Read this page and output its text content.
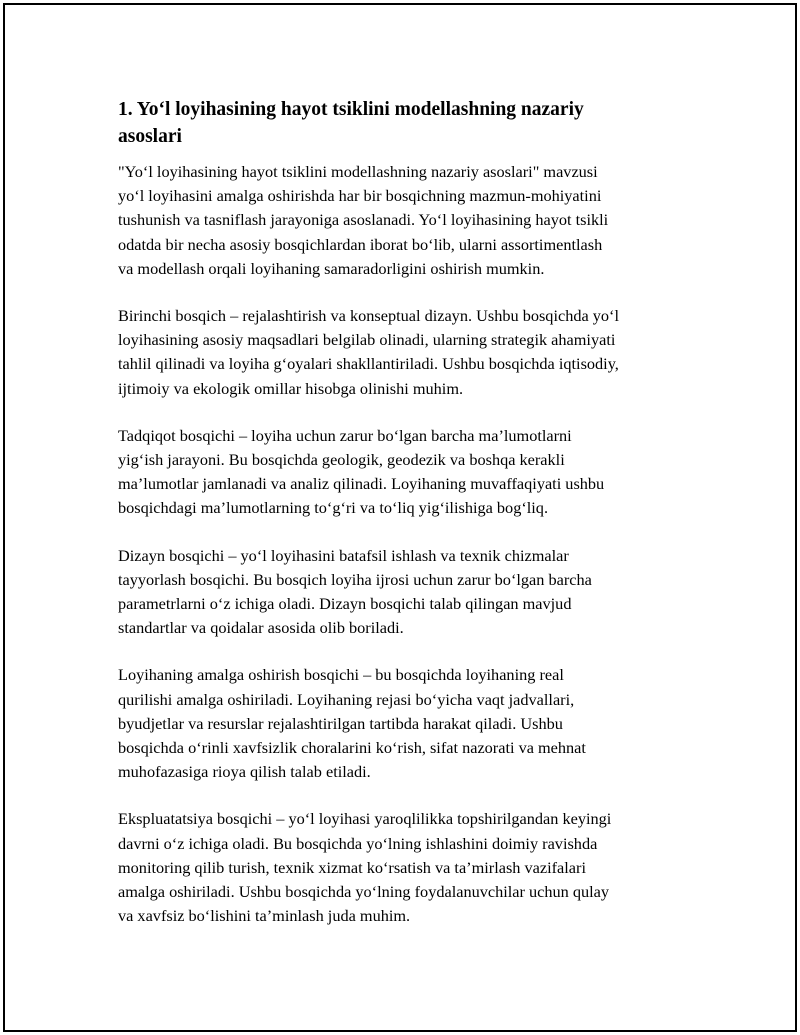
1. Yo‘l loyihasining hayot tsiklini modellashning nazariy
asoslari
"Yo‘l loyihasining hayot tsiklini modellashning nazariy asoslari" mavzusi
yo‘l loyihasini amalga oshirishda har bir bosqichning mazmun-mohiyatini
tushunish va tasniflash jarayoniga asoslanadi. Yo‘l loyihasining hayot tsikli
odatda bir necha asosiy bosqichlardan iborat bo‘lib, ularni assortimentlash
va modellash orqali loyihaning samaradorligini oshirish mumkin.
Birinchi bosqich – rejalashtirish va konseptual dizayn. Ushbu bosqichda yo‘l
loyihasining asosiy maqsadlari belgilab olinadi, ularning strategik ahamiyati
tahlil qilinadi va loyiha g‘oyalari shakllantiriladi. Ushbu bosqichda iqtisodiy,
ijtimoiy va ekologik omillar hisobga olinishi muhim.
Tadqiqot bosqichi – loyiha uchun zarur bo‘lgan barcha ma’lumotlarni
yig‘ish jarayoni. Bu bosqichda geologik, geodezik va boshqa kerakli
ma’lumotlar jamlanadi va analiz qilinadi. Loyihaning muvaffaqiyati ushbu
bosqichdagi ma’lumotlarning to‘g‘ri va to‘liq yig‘ilishiga bog‘liq.
Dizayn bosqichi – yo‘l loyihasini batafsil ishlash va texnik chizmalar
tayyorlash bosqichi. Bu bosqich loyiha ijrosi uchun zarur bo‘lgan barcha
parametrlarni o‘z ichiga oladi. Dizayn bosqichi talab qilingan mavjud
standartlar va qoidalar asosida olib boriladi.
Loyihaning amalga oshirish bosqichi – bu bosqichda loyihaning real
qurilishi amalga oshiriladi. Loyihaning rejasi bo‘yicha vaqt jadvallari,
byudjetlar va resurslar rejalashtirilgan tartibda harakat qiladi. Ushbu
bosqichda o‘rinli xavfsizlik choralarini ko‘rish, sifat nazorati va mehnat
muhofazasiga rioya qilish talab etiladi.
Ekspluatatsiya bosqichi – yo‘l loyihasi yaroqlilikka topshirilgandan keyingi
davrni o‘z ichiga oladi. Bu bosqichda yo‘lning ishlashini doimiy ravishda
monitoring qilib turish, texnik xizmat ko‘rsatish va ta’mirlash vazifalari
amalga oshiriladi. Ushbu bosqichda yo‘lning foydalanuvchilar uchun qulay
va xavfsiz bo‘lishini ta’minlash juda muhim.
